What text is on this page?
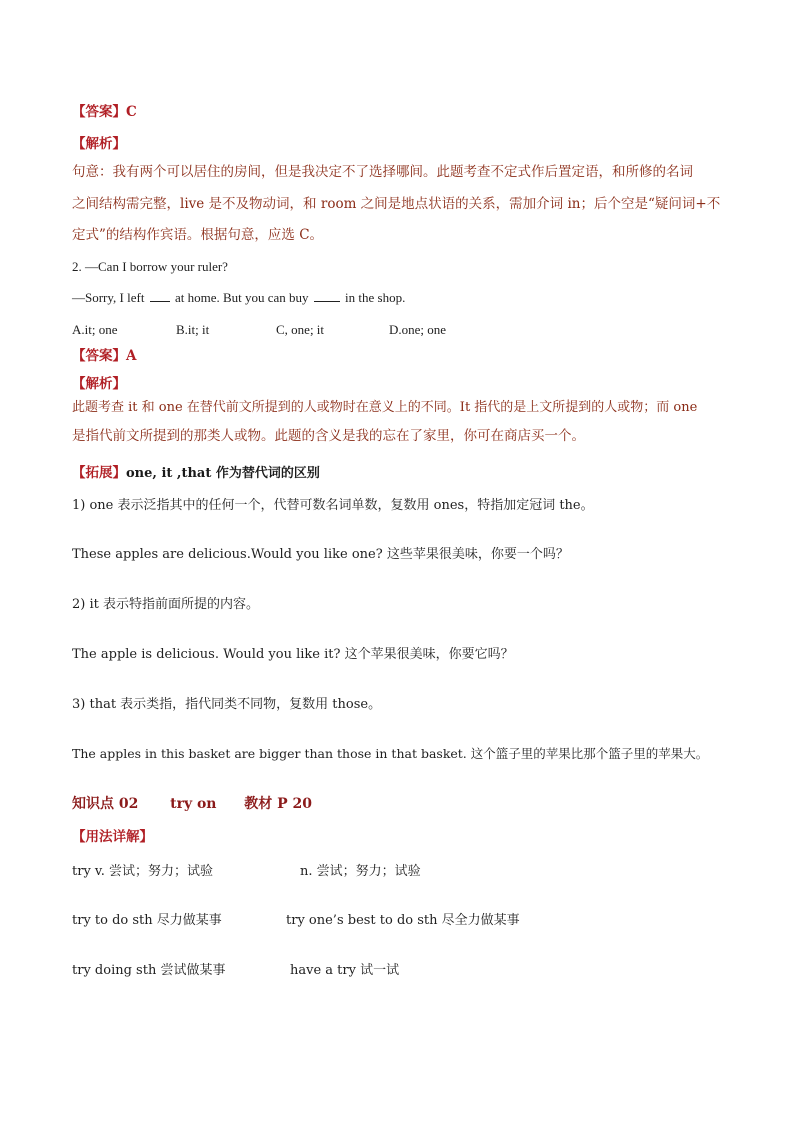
【答案】C
【解析】
句意：我有两个可以居住的房间，但是我决定不了选择哪间。此题考查不定式作后置定语，和所修的名词
之间结构需完整，live 是不及物动词，和 room 之间是地点状语的关系，需加介词 in；后个空是“疑问词+不
定式”的结构作宾语。根据句意，应选 C。
2. —Can I borrow your ruler?
—Sorry, I left at home. But you can buy	in the shop.
A.it; one	B.it; it	C, one; it	D.one; one
【答案】A
【解析】
此题考查 it 和 one 在替代前文所提到的人或物时在意义上的不同。It 指代的是上文所提到的人或物；而 one
是指代前文所提到的那类人或物。此题的含义是我的忘在了家里，你可在商店买一个。
【拓展】one, it ,that 作为替代词的区别
1) one 表示泛指其中的任何一个，代替可数名词单数，复数用 ones，特指加定冠词 the。
These apples are delicious.Would you like one? 这些苹果很美味，你要一个吗？
2) it 表示特指前面所提的内容。
The apple is delicious. Would you like it? 这个苹果很美味，你要它吗？
3) that 表示类指，指代同类不同物，复数用 those。
The apples in this basket are bigger than those in that basket. 这个篮子里的苹果比那个篮子里的苹果大。
知识点 02 try on 教材 P 20
【用法详解】
try v. 尝试；努力；试验	n. 尝试；努力；试验
try to do sth 尽力做某事	try one’s best to do sth 尽全力做某事
try doing sth 尝试做某事	have a try 试一试
